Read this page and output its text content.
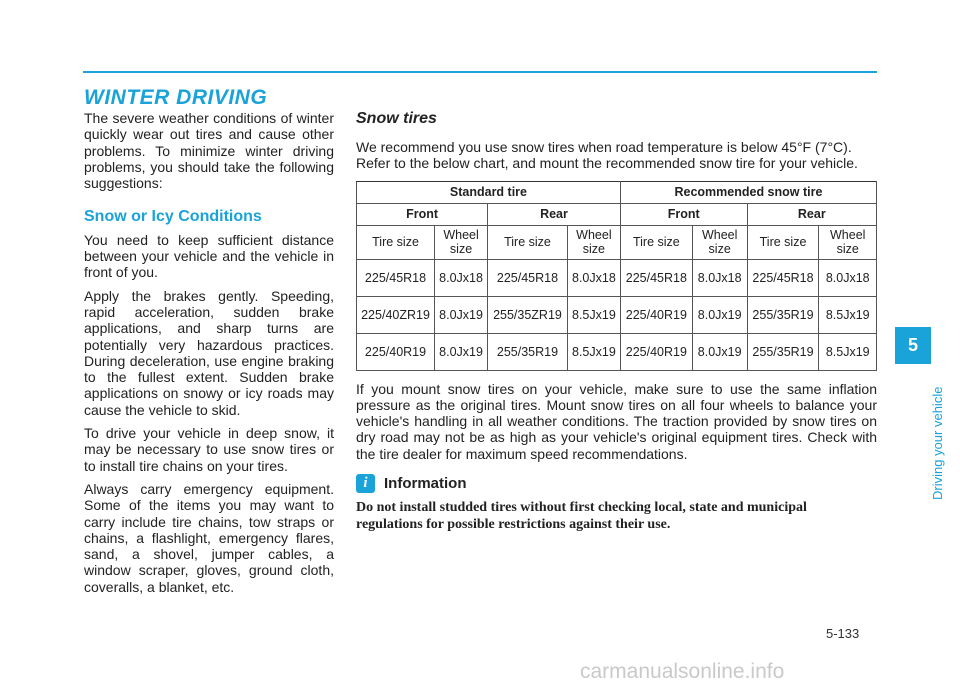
WINTER DRIVING

The severe weather conditions of winter quickly wear out tires and cause other problems. To minimize winter driving problems, you should take the following suggestions:

Snow or Icy Conditions

You need to keep sufficient distance between your vehicle and the vehicle in front of you.

Apply the brakes gently. Speeding, rapid acceleration, sudden brake applications, and sharp turns are potentially very hazardous practices. During deceleration, use engine braking to the fullest extent. Sudden brake applications on snowy or icy roads may cause the vehicle to skid.

To drive your vehicle in deep snow, it may be necessary to use snow tires or to install tire chains on your tires.

Always carry emergency equipment. Some of the items you may want to carry include tire chains, tow straps or chains, a flashlight, emergency flares, sand, a shovel, jumper cables, a window scraper, gloves, ground cloth, coveralls, a blanket, etc.

Snow tires

We recommend you use snow tires when road temperature is below 45°F (7°C). Refer to the below chart, and mount the recommended snow tire for your vehicle.

Standard tire				Recommended snow tire			
Front		Rear		Front		Rear	
Tire size	Wheel size	Tire size	Wheel size	Tire size	Wheel size	Tire size	Wheel size
225/45R18	8.0Jx18	225/45R18	8.0Jx18	225/45R18	8.0Jx18	225/45R18	8.0Jx18
225/40ZR19	8.0Jx19	255/35ZR19	8.5Jx19	225/40R19	8.0Jx19	255/35R19	8.5Jx19
225/40R19	8.0Jx19	255/35R19	8.5Jx19	225/40R19	8.0Jx19	255/35R19	8.5Jx19

If you mount snow tires on your vehicle, make sure to use the same inflation pressure as the original tires. Mount snow tires on all four wheels to balance your vehicle's handling in all weather conditions. The traction provided by snow tires on dry road may not be as high as your vehicle's original equipment tires. Check with the tire dealer for maximum speed recommendations.

i	Information
Do not install studded tires without first checking local, state and municipal regulations for possible restrictions against their use.
5
Driving your vehicle
5-133
carmanualsonline.info
